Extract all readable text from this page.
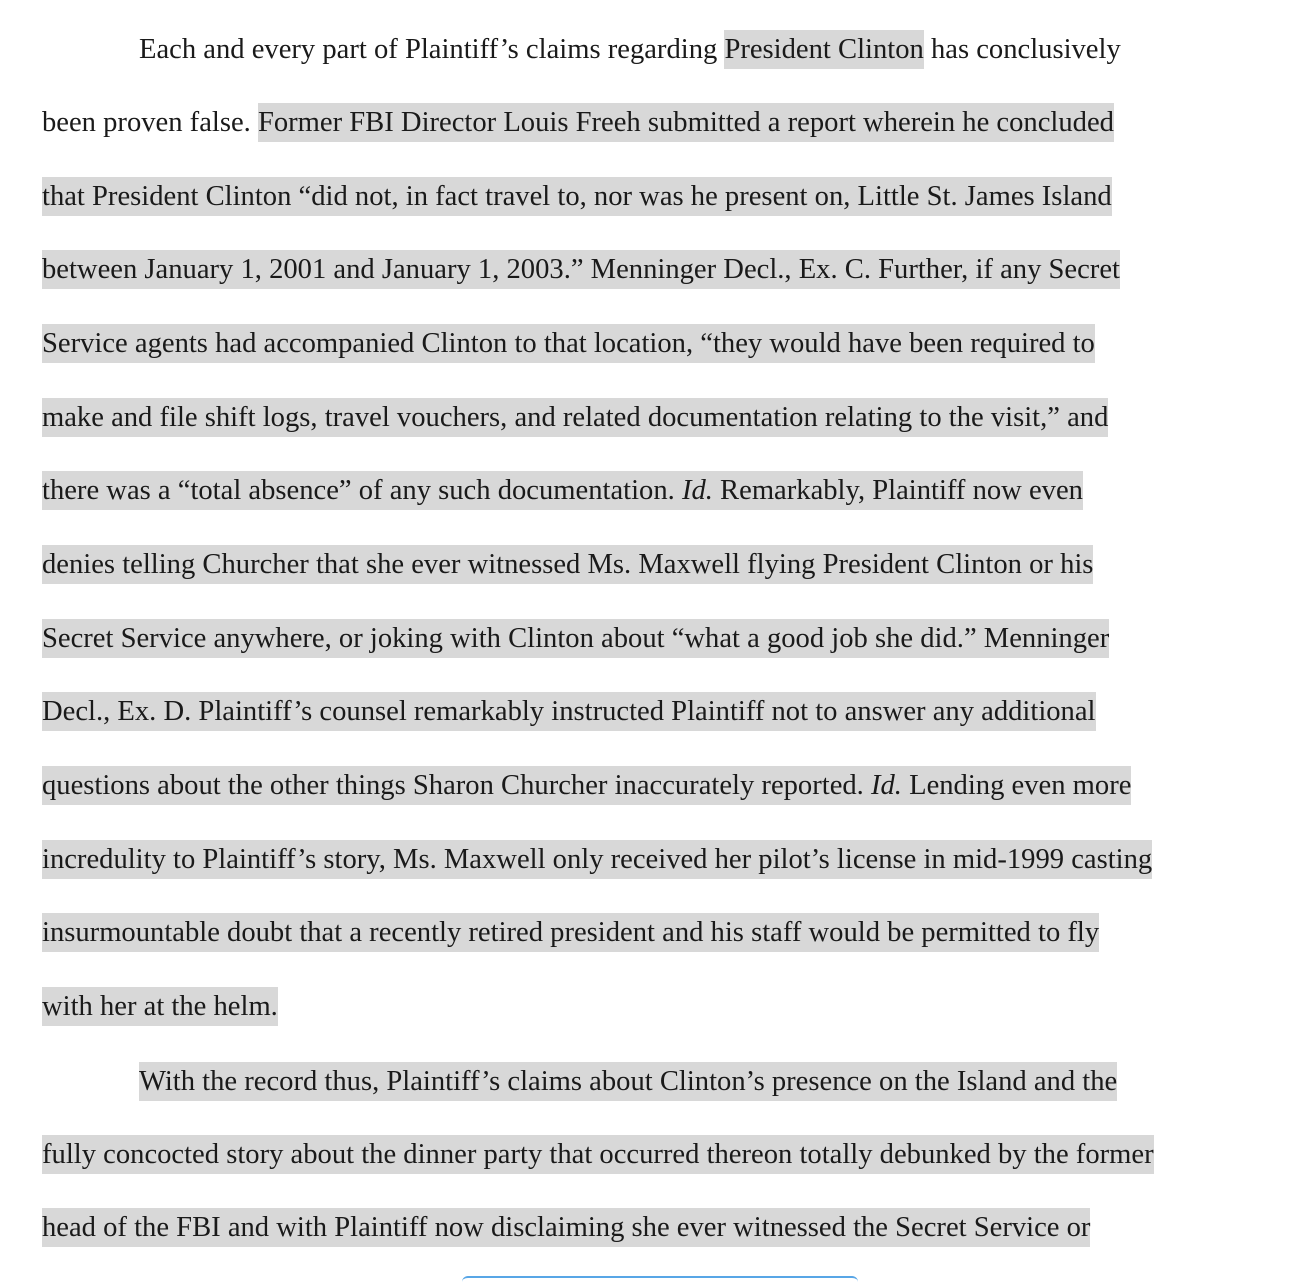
Each and every part of Plaintiff’s claims regarding President Clinton has conclusively
been proven false. Former FBI Director Louis Freeh submitted a report wherein he concluded
that President Clinton “did not, in fact travel to, nor was he present on, Little St. James Island
between January 1, 2001 and January 1, 2003.” Menninger Decl., Ex. C. Further, if any Secret
Service agents had accompanied Clinton to that location, “they would have been required to
make and file shift logs, travel vouchers, and related documentation relating to the visit,” and
there was a “total absence” of any such documentation. Id. Remarkably, Plaintiff now even
denies telling Churcher that she ever witnessed Ms. Maxwell flying President Clinton or his
Secret Service anywhere, or joking with Clinton about “what a good job she did.” Menninger
Decl., Ex. D. Plaintiff’s counsel remarkably instructed Plaintiff not to answer any additional
questions about the other things Sharon Churcher inaccurately reported. Id. Lending even more
incredulity to Plaintiff’s story, Ms. Maxwell only received her pilot’s license in mid-1999 casting
insurmountable doubt that a recently retired president and his staff would be permitted to fly
with her at the helm.
With the record thus, Plaintiff’s claims about Clinton’s presence on the Island and the
fully concocted story about the dinner party that occurred thereon totally debunked by the former
head of the FBI and with Plaintiff now disclaiming she ever witnessed the Secret Service or
